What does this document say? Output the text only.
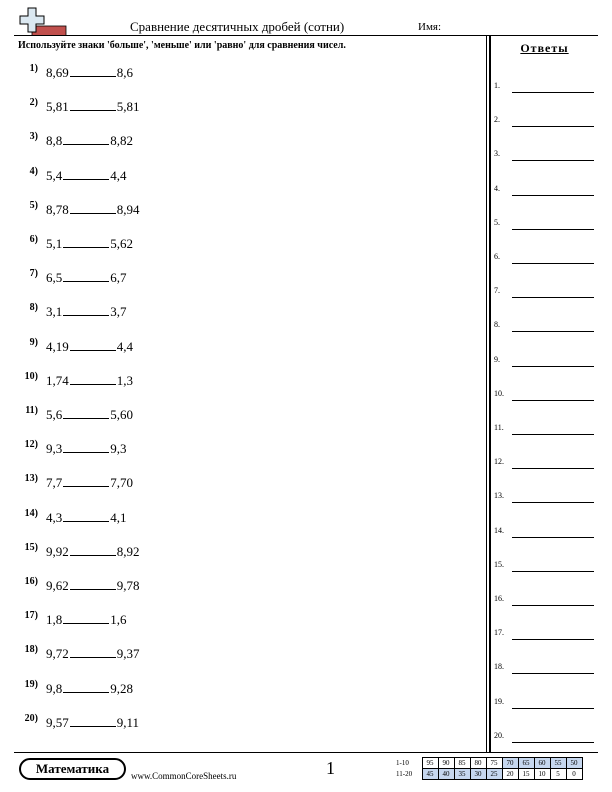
Сравнение десятичных дробей (сотни)	Имя:
Используйте знаки 'больше', 'меньше' или 'равно' для сравнения чисел.
1) 8,69	8,6
2) 5,81	5,81
3) 8,8	8,82
4) 5,4	4,4
5) 8,78	8,94
6) 5,1	5,62
7) 6,5	6,7
8) 3,1	3,7
9) 4,19	4,4
10) 1,74	1,3
11) 5,6	5,60
12) 9,3	9,3
13) 7,7	7,70
14) 4,3	4,1
15) 9,92	8,92
16) 9,62	9,78
17) 1,8	1,6
18) 9,72	9,37
19) 9,8	9,28
20) 9,57	9,11
Ответы
1.
2.
3.
4.
5.
6.
7.
8.
9.
10.
11.
12.
13.
14.
15.
16.
17.
18.
19.
20.
Математика	www.CommonCoreSheets.ru	1	1-10	95	90	85	80	75	70	65	60	55	50
11-20	45	40	35	30	25	20	15	10	5	0
